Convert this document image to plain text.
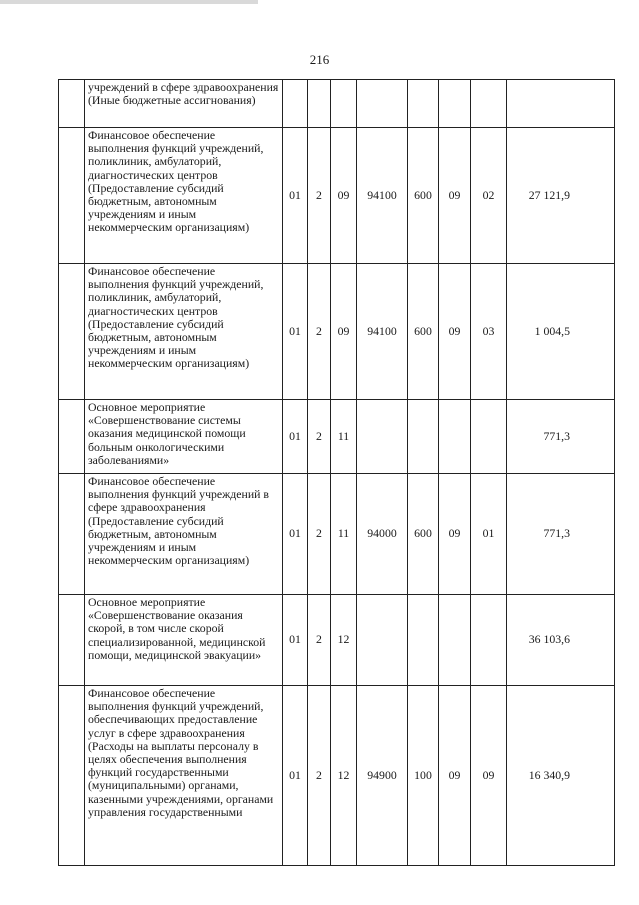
216
	учреждений в сфере здравоохранения (Иные бюджетные ассигнования)								
	Финансовое обеспечение выполнения функций учреждений, поликлиник, амбулаторий, диагностических центров (Предоставление субсидий бюджетным, автономным учреждениям и иным некоммерческим организациям)	01	2	09	94100	600	09	02	27 121,9
	Финансовое обеспечение выполнения функций учреждений, поликлиник, амбулаторий, диагностических центров (Предоставление субсидий бюджетным, автономным учреждениям и иным некоммерческим организациям)	01	2	09	94100	600	09	03	1 004,5
	Основное мероприятие «Совершенствование системы оказания медицинской помощи больным онкологическими заболеваниями»	01	2	11					771,3
	Финансовое обеспечение выполнения функций учреждений в сфере здравоохранения (Предоставление субсидий бюджетным, автономным учреждениям и иным некоммерческим организациям)	01	2	11	94000	600	09	01	771,3
	Основное мероприятие «Совершенствование оказания скорой, в том числе скорой специализированной, медицинской помощи, медицинской эвакуации»	01	2	12					36 103,6
	Финансовое обеспечение выполнения функций учреждений, обеспечивающих предоставление услуг в сфере здравоохранения (Расходы на выплаты персоналу в целях обеспечения выполнения функций государственными (муниципальными) органами, казенными учреждениями, органами управления государственными	01	2	12	94900	100	09	09	16 340,9
